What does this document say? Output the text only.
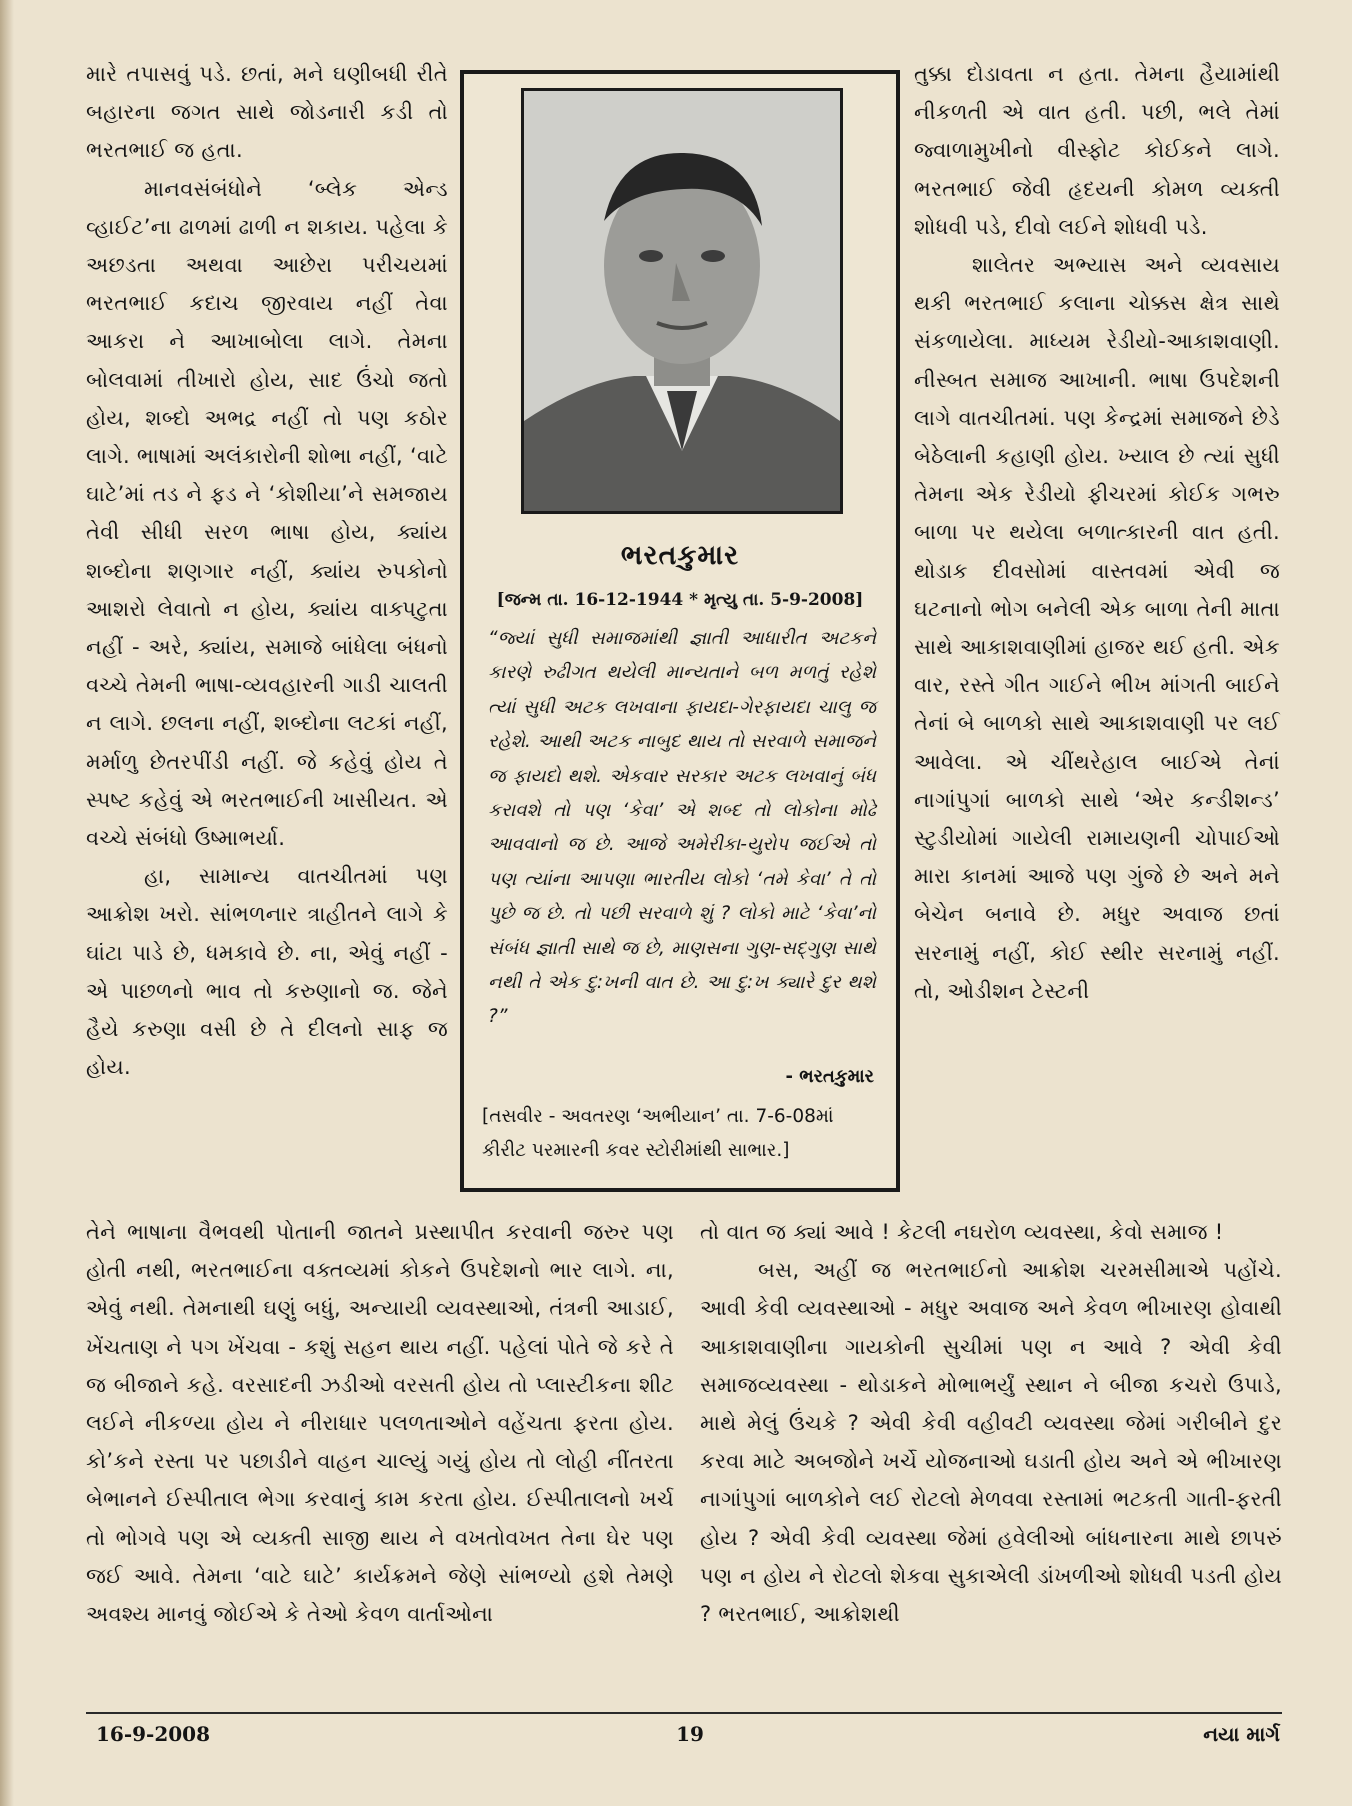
મારે તપાસવું પડે. છતાં, મને ઘણીબધી રીતે બહારના જગત સાથે જોડનારી કડી તો ભરતભાઈ જ હતા.

માનવસંબંધોને ‘બ્લેક એન્ડ વ્હાઈટ’ના ઢાળમાં ઢાળી ન શકાય. પહેલા કે અછડતા અથવા આછેરા પરીચયમાં ભરતભાઈ કદાચ જીરવાય નહીં તેવા આકરા ને આખાબોલા લાગે. તેમના બોલવામાં તીખારો હોય, સાદ ઉંચો જતો હોય, શબ્દો અભદ્ર નહીં તો પણ કઠોર લાગે. ભાષામાં અલંકારોની શોભા નહીં, ‘વાટે ઘાટે’માં તડ ને ફડ ને ‘કોશીયા’ને સમજાય તેવી સીધી સરળ ભાષા હોય, ક્યાંય શબ્દોના શણગાર નહીં, ક્યાંય રુપકોનો આશરો લેવાતો ન હોય, ક્યાંય વાક્પટુતા નહીં - અરે, ક્યાંય, સમાજે બાંધેલા બંધનો વચ્ચે તેમની ભાષા-વ્યવહારની ગાડી ચાલતી ન લાગે. છલના નહીં, શબ્દોના લટકાં નહીં, મર્માળુ છેતરપીંડી નહીં. જે કહેવું હોય તે સ્પષ્ટ કહેવું એ ભરતભાઈની ખાસીયત. એ વચ્ચે સંબંધો ઉષ્માભર્યા.

હા, સામાન્ય વાતચીતમાં પણ આક્રોશ ખરો. સાંભળનાર ત્રાહીતને લાગે કે ઘાંટા પાડે છે, ધમકાવે છે. ના, એવું નહીં - એ પાછળનો ભાવ તો કરુણાનો જ. જેને હૈયે કરુણા વસી છે તે દીલનો સાફ જ હોય.

ભરતકુમાર
[જન્મ તા. 16-12-1944 * મૃત્યુ તા. 5-9-2008]
“જ્યાં સુધી સમાજમાંથી જ્ઞાતી આધારીત અટકને કારણે રુઢીગત થયેલી માન્યતાને બળ મળતું રહેશે ત્યાં સુધી અટક લખવાના ફાયદા-ગેરફાયદા ચાલુ જ રહેશે. આથી અટક નાબુદ થાય તો સરવાળે સમાજને જ ફાયદો થશે. એકવાર સરકાર અટક લખવાનું બંધ કરાવશે તો પણ ‘કેવા’ એ શબ્દ તો લોકોના મોઢે આવવાનો જ છે. આજે અમેરીકા-યુરોપ જઈએ તો પણ ત્યાંના આપણા ભારતીય લોકો ‘તમે કેવા’ તે તો પુછે જ છે. તો પછી સરવાળે શું ? લોકો માટે ‘કેવા’નો સંબંધ જ્ઞાતી સાથે જ છે, માણસના ગુણ-સદ્‌ગુણ સાથે નથી તે એક દુ:ખની વાત છે. આ દુ:ખ ક્યારે દુર થશે ?”
- ભરતકુમાર
[તસવીર - અવતરણ ‘અભીયાન’ તા. 7-6-08માં કીરીટ પરમારની કવર સ્ટોરીમાંથી સાભાર.]

તુક્કા દોડાવતા ન હતા. તેમના હૈયામાંથી નીકળતી એ વાત હતી. પછી, ભલે તેમાં જ્વાળામુખીનો વીસ્ફોટ કોઈકને લાગે. ભરતભાઈ જેવી હૃદયની કોમળ વ્યક્તી શોધવી પડે, દીવો લઈને શોધવી પડે.

શાલેતર અભ્યાસ અને વ્યવસાય થકી ભરતભાઈ કલાના ચોક્કસ ક્ષેત્ર સાથે સંકળાયેલા. માધ્યમ રેડીયો-આકાશવાણી. નીસ્બત સમાજ આખાની. ભાષા ઉપદેશની લાગે વાતચીતમાં. પણ કેન્દ્રમાં સમાજને છેડે બેઠેલાની કહાણી હોય. ખ્યાલ છે ત્યાં સુધી તેમના એક રેડીયો ફીચરમાં કોઈક ગભરુ બાળા પર થયેલા બળાત્કારની વાત હતી. થોડાક દીવસોમાં વાસ્તવમાં એવી જ ઘટનાનો ભોગ બનેલી એક બાળા તેની માતા સાથે આકાશવાણીમાં હાજર થઈ હતી. એક વાર, રસ્તે ગીત ગાઈને ભીખ માંગતી બાઈને તેનાં બે બાળકો સાથે આકાશવાણી પર લઈ આવેલા. એ ચીંથરેહાલ બાઈએ તેનાં નાગાંપુગાં બાળકો સાથે ‘એર કન્ડીશન્ડ’ સ્ટુડીયોમાં ગાયેલી રામાયણની ચોપાઈઓ મારા કાનમાં આજે પણ ગુંજે છે અને મને બેચેન બનાવે છે. મધુર અવાજ છતાં સરનામું નહીં, કોઈ સ્થીર સરનામું નહીં. તો, ઓડીશન ટેસ્ટની

તેને ભાષાના વૈભવથી પોતાની જાતને પ્રસ્થાપીત કરવાની જરુર પણ હોતી નથી, ભરતભાઈના વક્તવ્યમાં કોકને ઉપદેશનો ભાર લાગે. ના, એવું નથી. તેમનાથી ઘણું બધું, અન્યાયી વ્યવસ્થાઓ, તંત્રની આડાઈ, ખેંચતાણ ને પગ ખેંચવા - કશું સહન થાય નહીં. પહેલાં પોતે જે કરે તે જ બીજાને કહે. વરસાદની ઝડીઓ વરસતી હોય તો પ્લાસ્ટીકના શીટ લઈને નીકળ્યા હોય ને નીરાધાર પલળતાઓને વહેંચતા ફરતા હોય. કો’કને રસ્તા પર પછાડીને વાહન ચાલ્યું ગયું હોય તો લોહી નીંતરતા બેભાનને ઈસ્પીતાલ ભેગા કરવાનું કામ કરતા હોય. ઈસ્પીતાલનો ખર્ચ તો ભોગવે પણ એ વ્યક્તી સાજી થાય ને વખતોવખત તેના ઘેર પણ જઈ આવે. તેમના ‘વાટે ઘાટે’ કાર્યક્રમને જેણે સાંભળ્યો હશે તેમણે અવશ્ય માનવું જોઈએ કે તેઓ કેવળ વાર્તાઓના

તો વાત જ ક્યાં આવે ! કેટલી નઘરોળ વ્યવસ્થા, કેવો સમાજ !

બસ, અહીં જ ભરતભાઈનો આક્રોશ ચરમસીમાએ પહોંચે. આવી કેવી વ્યવસ્થાઓ - મધુર અવાજ અને કેવળ ભીખારણ હોવાથી આકાશવાણીના ગાયકોની સુચીમાં પણ ન આવે ? એવી કેવી સમાજવ્યવસ્થા - થોડાકને મોભાભર્યું સ્થાન ને બીજા કચરો ઉપાડે, માથે મેલું ઉંચકે ? એવી કેવી વહીવટી વ્યવસ્થા જેમાં ગરીબીને દુર કરવા માટે અબજોને ખર્ચે યોજનાઓ ઘડાતી હોય અને એ ભીખારણ નાગાંપુગાં બાળકોને લઈ રોટલો મેળવવા રસ્તામાં ભટકતી ગાતી-ફરતી હોય ? એવી કેવી વ્યવસ્થા જેમાં હવેલીઓ બાંધનારના માથે છાપરું પણ ન હોય ને રોટલો શેકવા સુકાએલી ડાંખળીઓ શોધવી પડતી હોય ? ભરતભાઈ, આક્રોશથી

16-9-2008	19	નયા માર્ગ
